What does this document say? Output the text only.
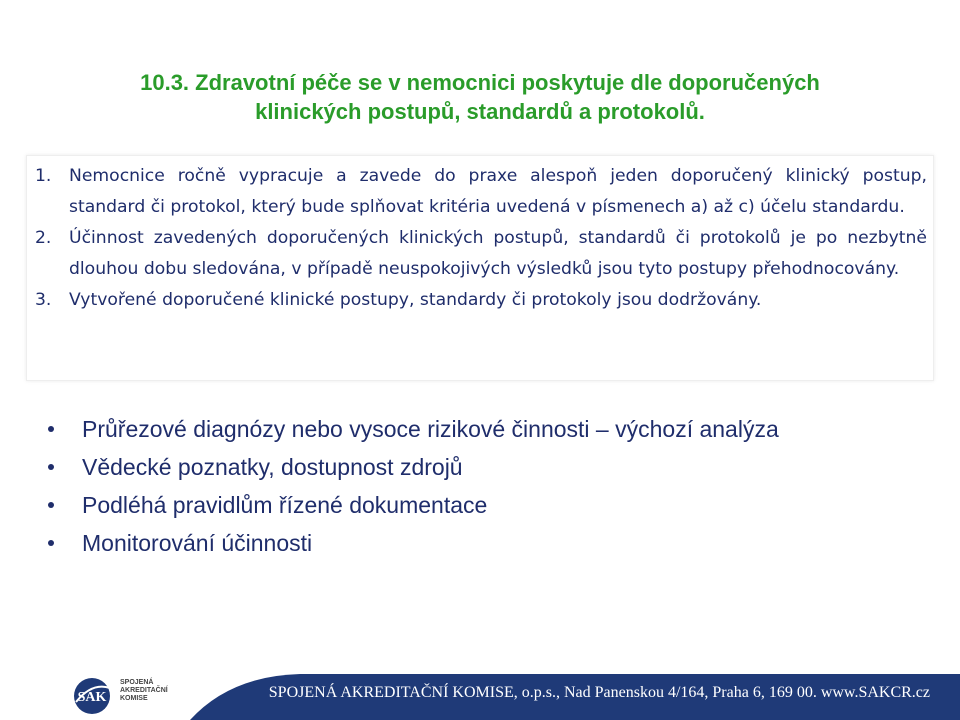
10.3. Zdravotní péče se v nemocnici poskytuje dle doporučených
klinických postupů, standardů a protokolů.
1. Nemocnice ročně vypracuje a zavede do praxe alespoň jeden doporučený klinický postup, standard či protokol, který bude splňovat kritéria uvedená v písmenech a) až c) účelu standardu.
2. Účinnost zavedených doporučených klinických postupů, standardů či protokolů je po nezbytně dlouhou dobu sledována, v případě neuspokojivých výsledků jsou tyto postupy přehodnocovány.
3. Vytvořené doporučené klinické postupy, standardy či protokoly jsou dodržovány.
Průřezové diagnózy nebo vysoce rizikové činnosti – výchozí analýza
Vědecké poznatky, dostupnost zdrojů
Podléhá pravidlům řízené dokumentace
Monitorování účinnosti
SPOJENÁ AKREDITAČNÍ KOMISE, o.p.s., Nad Panenskou 4/164, Praha 6, 169 00. www.SAKCR.cz
SAK
SPOJENÁ
AKREDITAČNÍ
KOMISE
